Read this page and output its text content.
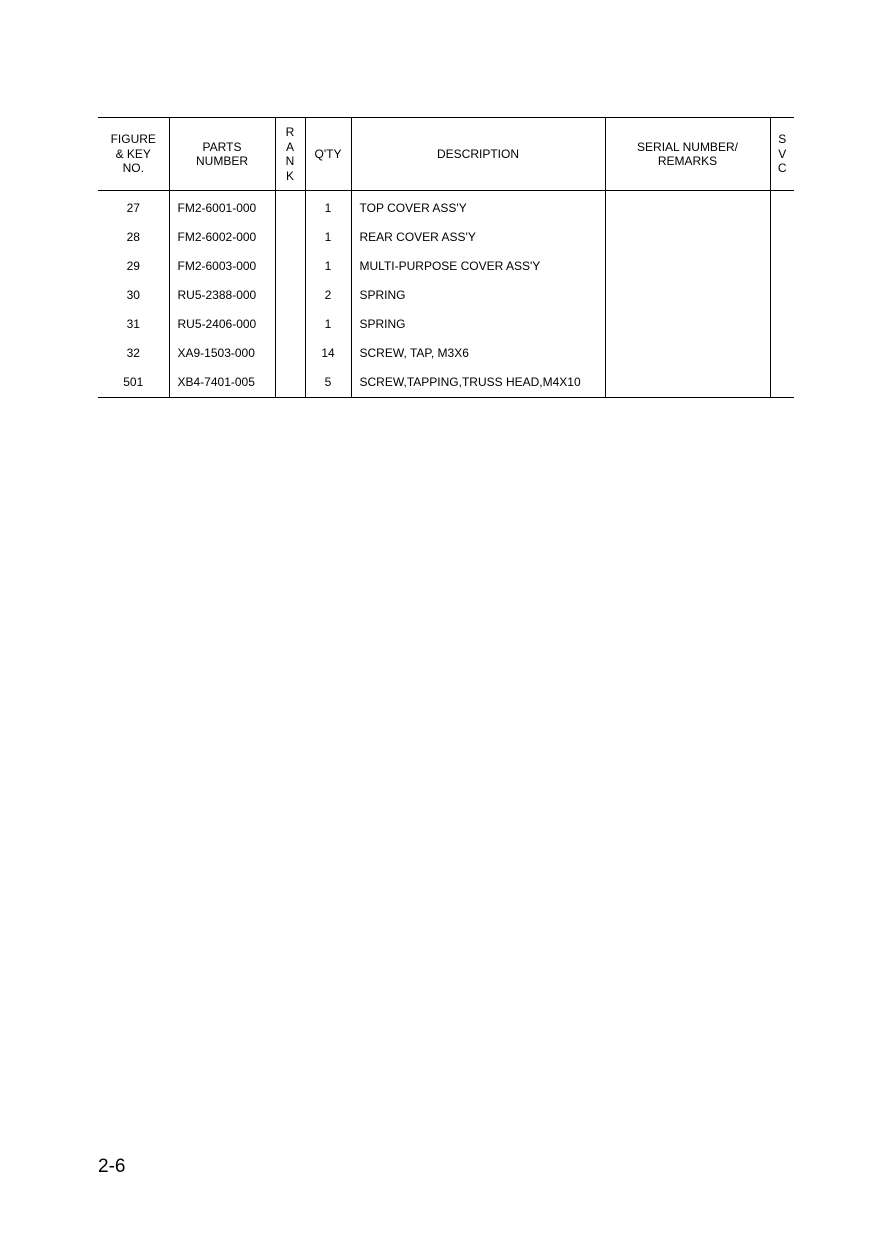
FIGURE
& KEY
NO.	PARTS
NUMBER	R
A
N
K	Q'TY	DESCRIPTION	SERIAL NUMBER/
REMARKS	S
V
C

27	FM2-6001-000		1	TOP COVER ASS'Y		
28	FM2-6002-000		1	REAR COVER ASS'Y		
29	FM2-6003-000		1	MULTI-PURPOSE COVER ASS'Y		
30	RU5-2388-000		2	SPRING		
31	RU5-2406-000		1	SPRING		
32	XA9-1503-000		14	SCREW, TAP, M3X6		
501	XB4-7401-005		5	SCREW,TAPPING,TRUSS HEAD,M4X10		
2-6
